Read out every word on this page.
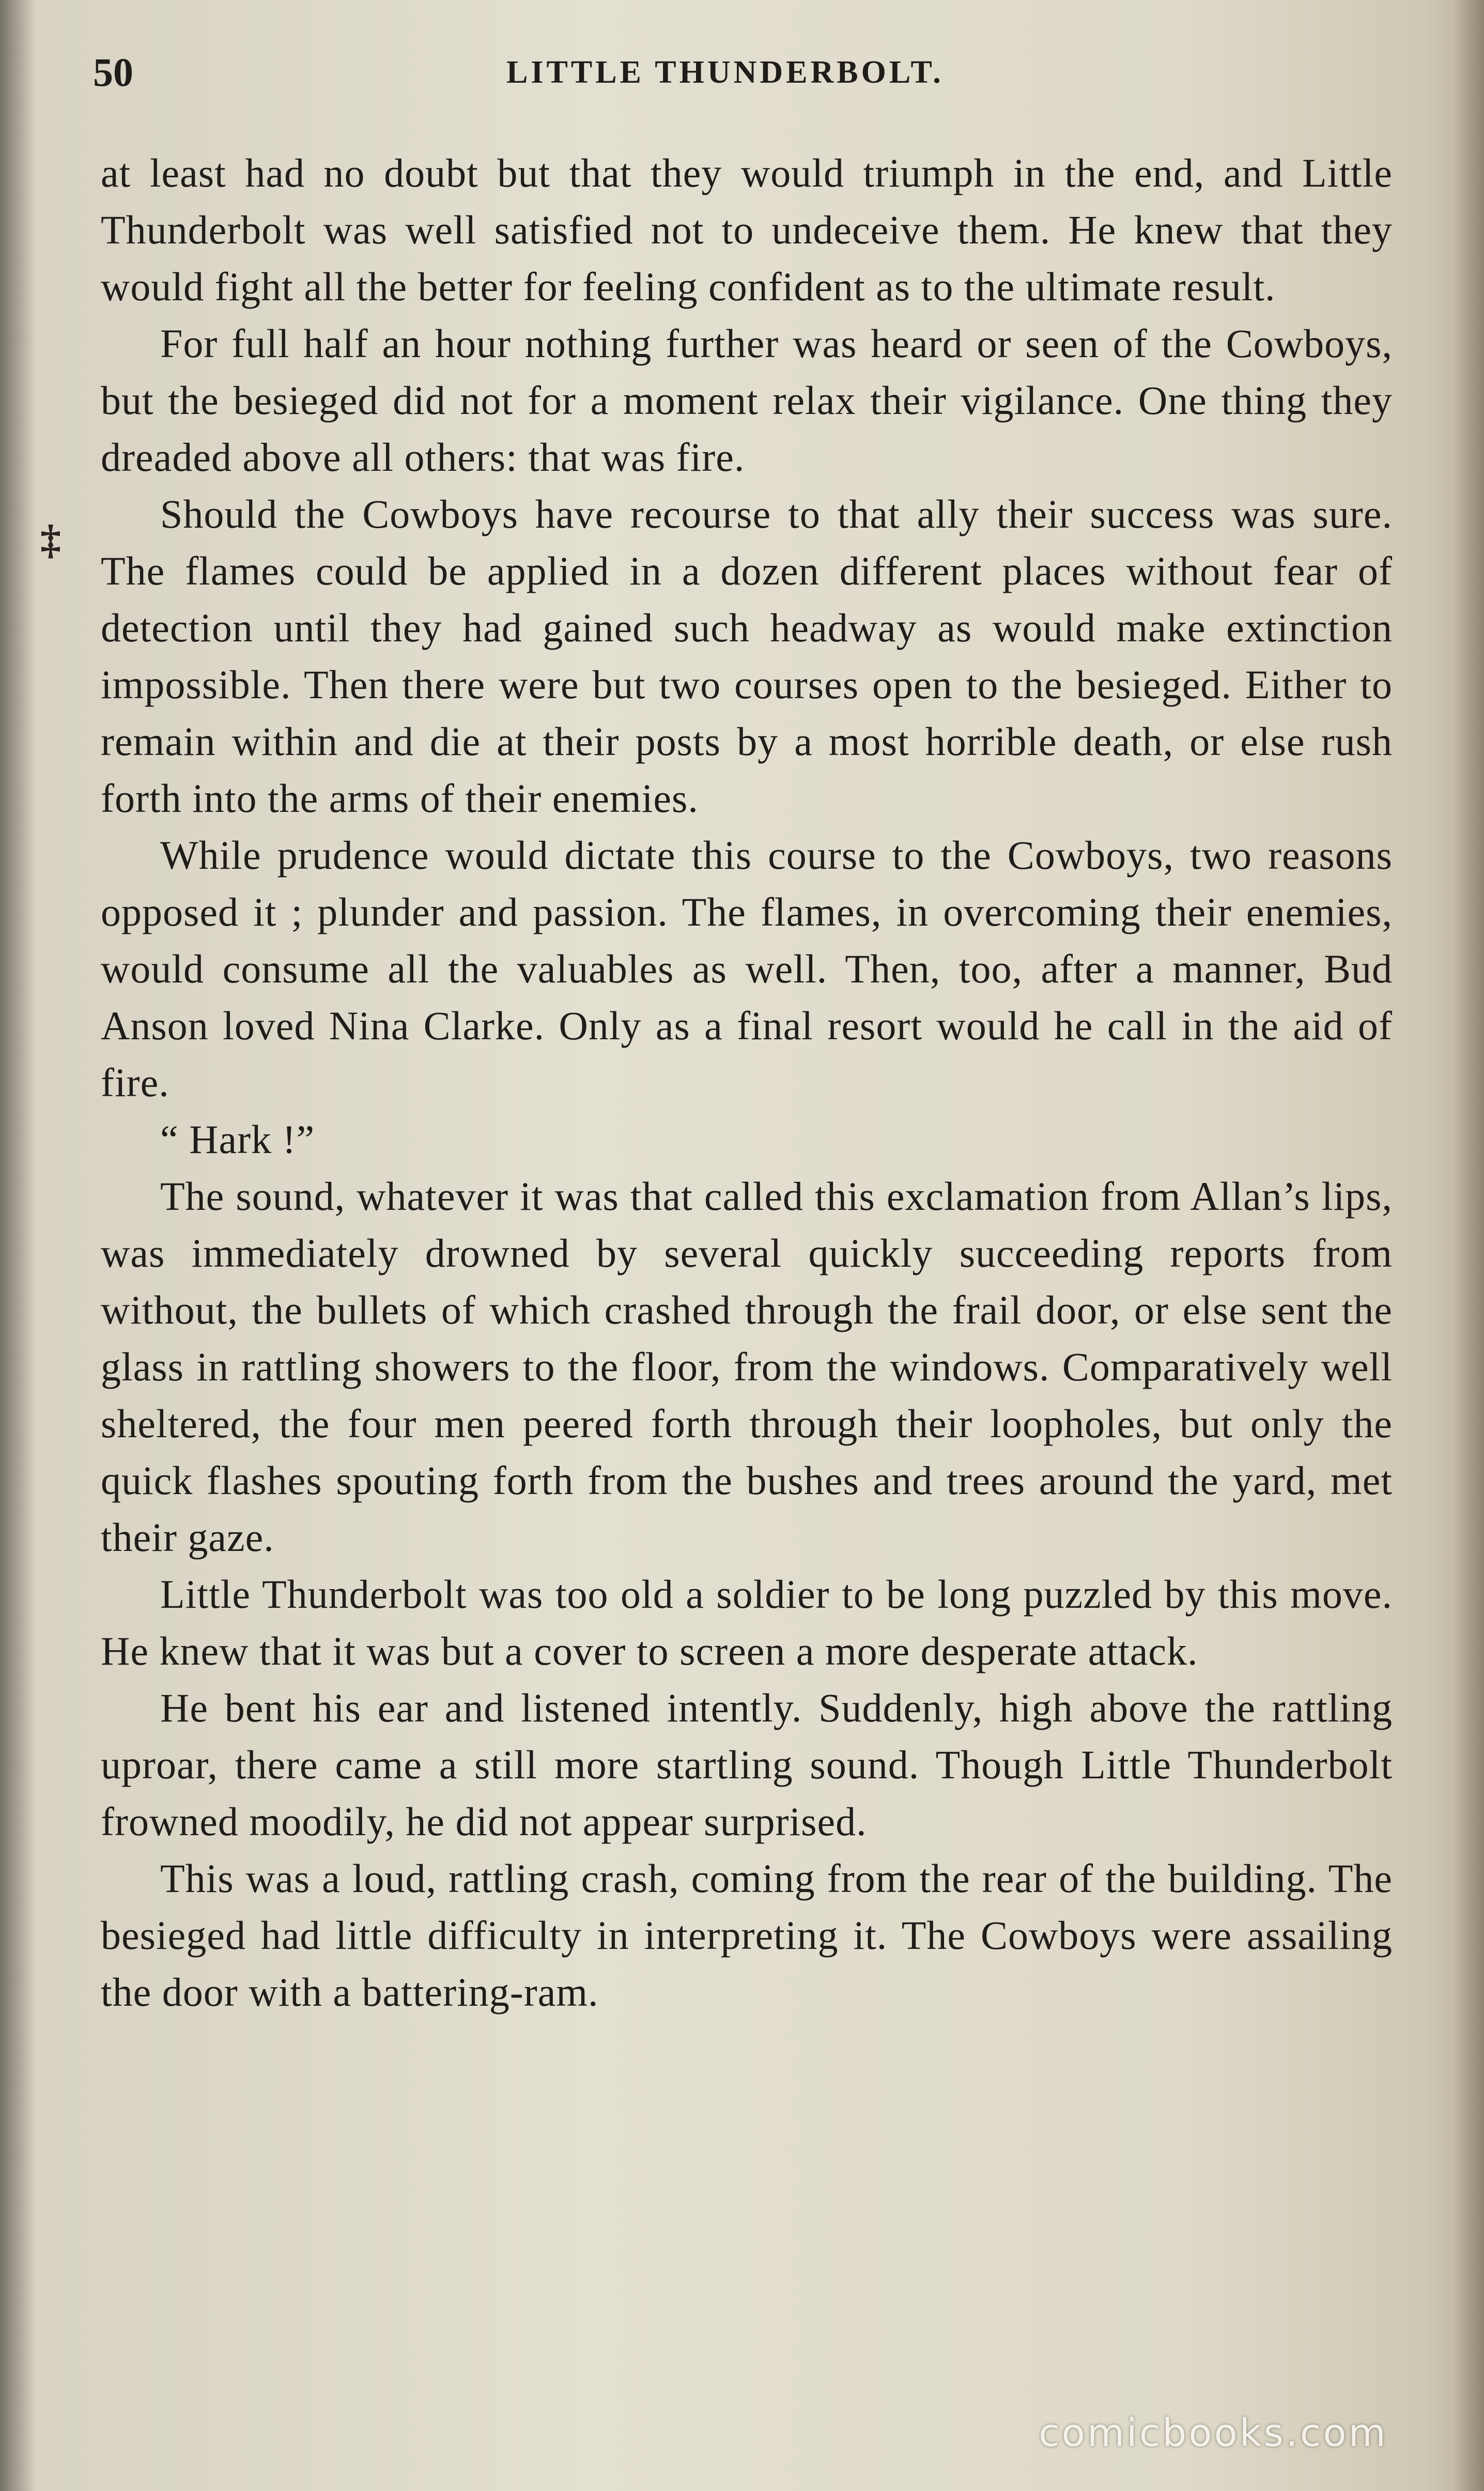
50	LITTLE THUNDERBOLT.
‡

at least had no doubt but that they would triumph in the end, and Little Thunderbolt was well satisfied not to undeceive them. He knew that they would fight all the better for feeling confident as to the ultimate result.

For full half an hour nothing further was heard or seen of the Cowboys, but the besieged did not for a moment relax their vigilance. One thing they dreaded above all others: that was fire.

Should the Cowboys have recourse to that ally their success was sure. The flames could be applied in a dozen different places without fear of detection until they had gained such headway as would make extinction impossible. Then there were but two courses open to the besieged. Either to remain within and die at their posts by a most horrible death, or else rush forth into the arms of their enemies.

While prudence would dictate this course to the Cowboys, two reasons opposed it ; plunder and passion. The flames, in overcoming their enemies, would consume all the valuables as well. Then, too, after a manner, Bud Anson loved Nina Clarke. Only as a final resort would he call in the aid of fire.

“ Hark !”

The sound, whatever it was that called this exclamation from Allan’s lips, was immediately drowned by several quickly succeeding reports from without, the bullets of which crashed through the frail door, or else sent the glass in rattling showers to the floor, from the windows. Comparatively well sheltered, the four men peered forth through their loopholes, but only the quick flashes spouting forth from the bushes and trees around the yard, met their gaze.

Little Thunderbolt was too old a soldier to be long puzzled by this move. He knew that it was but a cover to screen a more desperate attack.

He bent his ear and listened intently. Suddenly, high above the rattling uproar, there came a still more startling sound. Though Little Thunderbolt frowned moodily, he did not appear surprised.

This was a loud, rattling crash, coming from the rear of the building. The besieged had little difficulty in interpreting it. The Cowboys were assailing the door with a battering-ram.

comicbooks.com
